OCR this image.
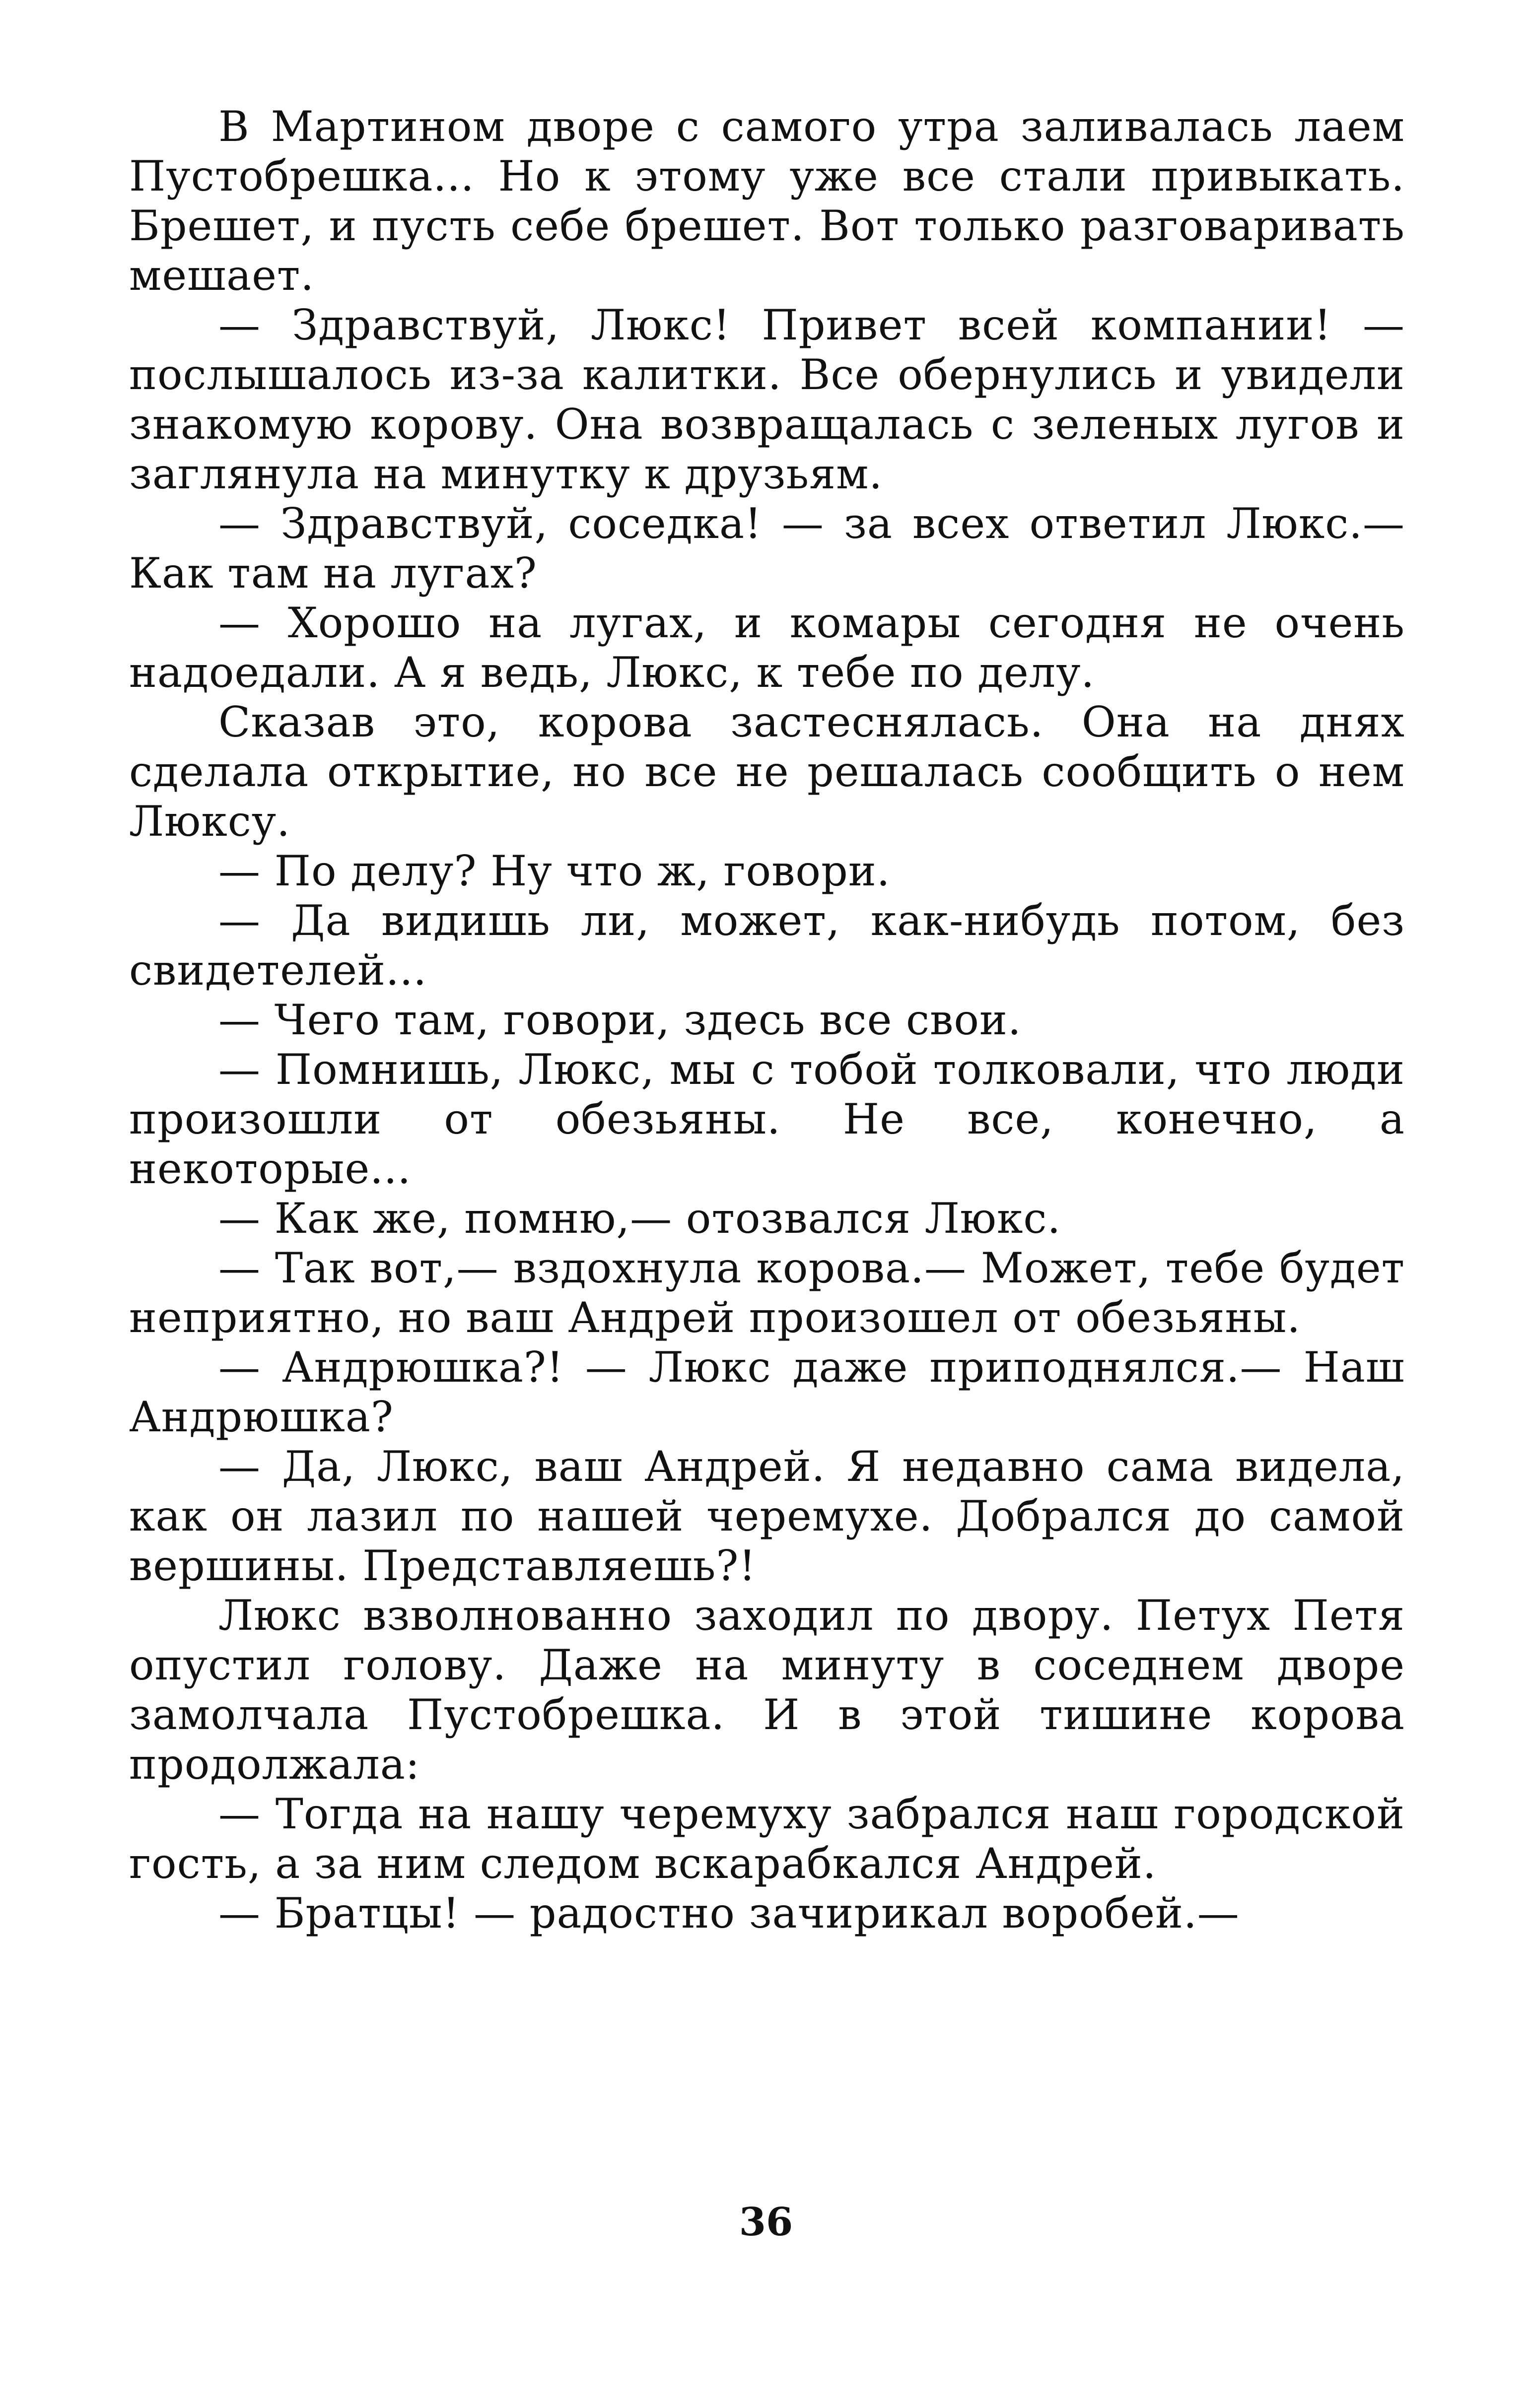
В Мартином дворе с самого утра заливалась лаем Пустобрешка... Но к этому уже все стали привыкать. Брешет, и пусть себе брешет. Вот только разговаривать мешает.

— Здравствуй, Люкс! Привет всей компании! — послышалось из-за калитки. Все обернулись и увидели знакомую корову. Она возвращалась с зеленых лугов и заглянула на минутку к друзьям.

— Здравствуй, соседка! — за всех ответил Люкс.— Как там на лугах?

— Хорошо на лугах, и комары сегодня не очень надоедали. А я ведь, Люкс, к тебе по делу.

Сказав это, корова застеснялась. Она на днях сделала открытие, но все не решалась сообщить о нем Люксу.

— По делу? Ну что ж, говори.

— Да видишь ли, может, как-нибудь потом, без свидетелей...

— Чего там, говори, здесь все свои.

— Помнишь, Люкс, мы с тобой толковали, что люди произошли от обезьяны. Не все, конечно, а некоторые...

— Как же, помню,— отозвался Люкс.

— Так вот,— вздохнула корова.— Может, тебе будет неприятно, но ваш Андрей произошел от обезьяны.

— Андрюшка?! — Люкс даже приподнялся.— Наш Андрюшка?

— Да, Люкс, ваш Андрей. Я недавно сама видела, как он лазил по нашей черемухе. Добрался до самой вершины. Представляешь?!

Люкс взволнованно заходил по двору. Петух Петя опустил голову. Даже на минуту в соседнем дворе замолчала Пустобрешка. И в этой тишине корова продолжала:

— Тогда на нашу черемуху забрался наш городской гость, а за ним следом вскарабкался Андрей.

— Братцы! — радостно зачирикал воробей.—

36
